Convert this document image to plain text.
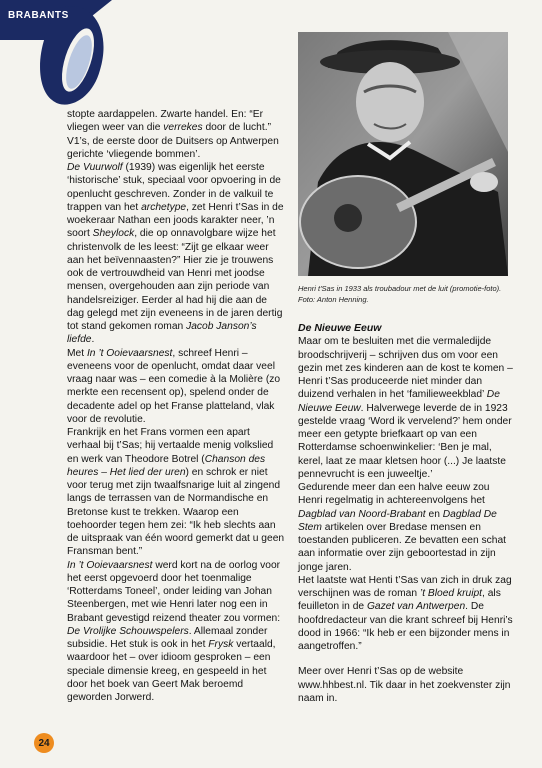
BRABANTS
Henri t'Sas in 1933 als troubadour met de luit (promotie-foto). Foto: Anton Henning.

stopte aardappelen. Zwarte handel. En: “Er vliegen weer van die verrekes door de lucht.” V1’s, de eerste door de Duitsers op Antwerpen gerichte ‘vliegende bommen’.

De Vuurwolf (1939) was eigenlijk het eerste ‘historische’ stuk, speciaal voor opvoering in de openlucht geschreven. Zonder in de valkuil te trappen van het archetype, zet Henri t’Sas in de woekeraar Nathan een joods karakter neer, ’n soort Sheylock, die op onnavolgbare wijze het christenvolk de les leest: “Zijt ge elkaar weer aan het beïvennaasten?” Hier zie je trouwens ook de vertrouwdheid van Henri met joodse mensen, overgehouden aan zijn periode van handelsreiziger. Eerder al had hij die aan de dag gelegd met zijn eveneens in de jaren dertig tot stand gekomen roman Jacob Janson’s liefde.

Met In ’t Ooievaarsnest, schreef Henri – eveneens voor de openlucht, omdat daar veel vraag naar was – een comedie à la Molière (zo merkte een recensent op), spelend onder de decadente adel op het Franse platteland, vlak voor de revolutie.

Frankrijk en het Frans vormen een apart verhaal bij t’Sas; hij vertaalde menig volkslied en werk van Theodore Botrel (Chanson des heures – Het lied der uren) en schrok er niet voor terug met zijn twaalfsnarige luit al zingend langs de terrassen van de Normandische en Bretonse kust te trekken. Waarop een toehoorder tegen hem zei: “Ik heb slechts aan de uitspraak van één woord gemerkt dat u geen Fransman bent.”

In ’t Ooievaarsnest werd kort na de oorlog voor het eerst opgevoerd door het toenmalige ‘Rotterdams Toneel’, onder leiding van Johan Steenbergen, met wie Henri later nog een in Brabant gevestigd reizend theater zou vormen: De Vrolijke Schouwspelers. Allemaal zonder subsidie. Het stuk is ook in het Frysk vertaald, waardoor het – over idioom gesproken – een speciale dimensie kreeg, en gespeeld in het door het boek van Geert Mak beroemd geworden Jorwerd.

De Nieuwe Eeuw

Maar om te besluiten met die vermaledijde broodschrijverij – schrijven dus om voor een gezin met zes kinderen aan de kost te komen – Henri t’Sas produceerde niet minder dan duizend verhalen in het ‘familieweekblad’ De Nieuwe Eeuw. Halverwege leverde de in 1923 gestelde vraag ‘Word ik vervelend?’ hem onder meer een getypte briefkaart op van een Rotterdamse schoenwinkelier: ‘Ben je mal, kerel, laat ze maar kletsen hoor (...) Je laatste pennevrucht is een juweeltje.’

Gedurende meer dan een halve eeuw zou Henri regelmatig in achtereenvolgens het Dagblad van Noord-Brabant en Dagblad De Stem artikelen over Bredase mensen en toestanden publiceren. Ze bevatten een schat aan informatie over zijn geboortestad in zijn jonge jaren.

Het laatste wat Henti t’Sas van zich in druk zag verschijnen was de roman ’t Bloed kruipt, als feuilleton in de Gazet van Antwerpen. De hoofdredacteur van die krant schreef bij Henri’s dood in 1966: “Ik heb er een bijzonder mens in aangetroffen.”

Meer over Henri t’Sas op de website www.hhbest.nl. Tik daar in het zoekvenster zijn naam in.

24
